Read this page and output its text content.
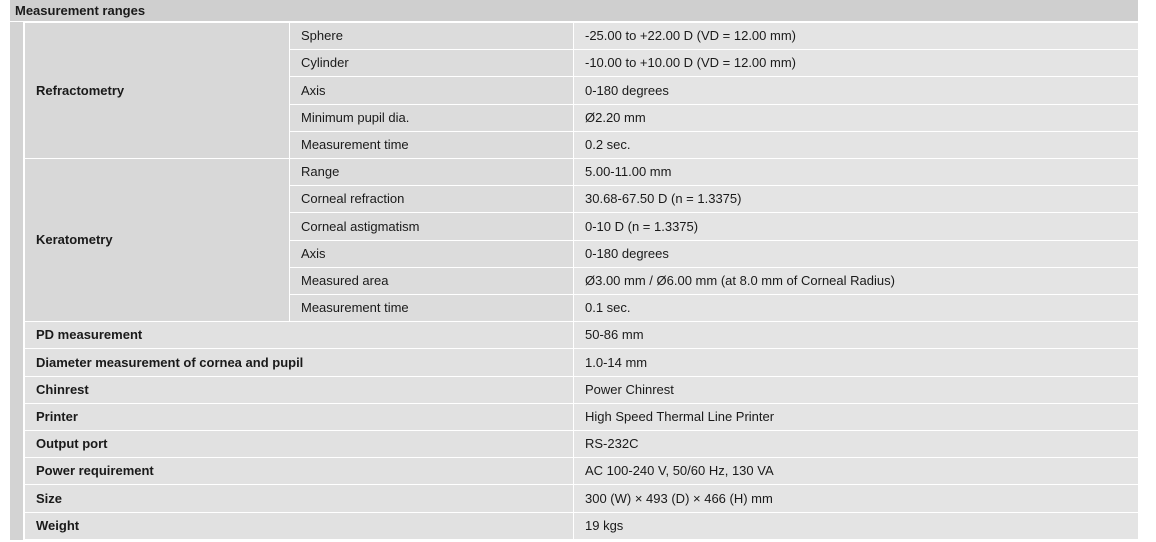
Measurement ranges
Refractometry	Sphere	-25.00 to +22.00 D (VD = 12.00 mm)
	Cylinder	-10.00 to +10.00 D (VD = 12.00 mm)
	Axis	0-180 degrees
	Minimum pupil dia.	Ø2.20 mm
	Measurement time	0.2 sec.
Keratometry	Range	5.00-11.00 mm
	Corneal refraction	30.68-67.50 D (n = 1.3375)
	Corneal astigmatism	0-10 D (n = 1.3375)
	Axis	0-180 degrees
	Measured area	Ø3.00 mm / Ø6.00 mm (at 8.0 mm of Corneal Radius)
	Measurement time	0.1 sec.
PD measurement		50-86 mm
Diameter measurement of cornea and pupil		1.0-14 mm
Chinrest		Power Chinrest
Printer		High Speed Thermal Line Printer
Output port		RS-232C
Power requirement		AC 100-240 V, 50/60 Hz, 130 VA
Size		300 (W) × 493 (D) × 466 (H) mm
Weight		19 kgs
